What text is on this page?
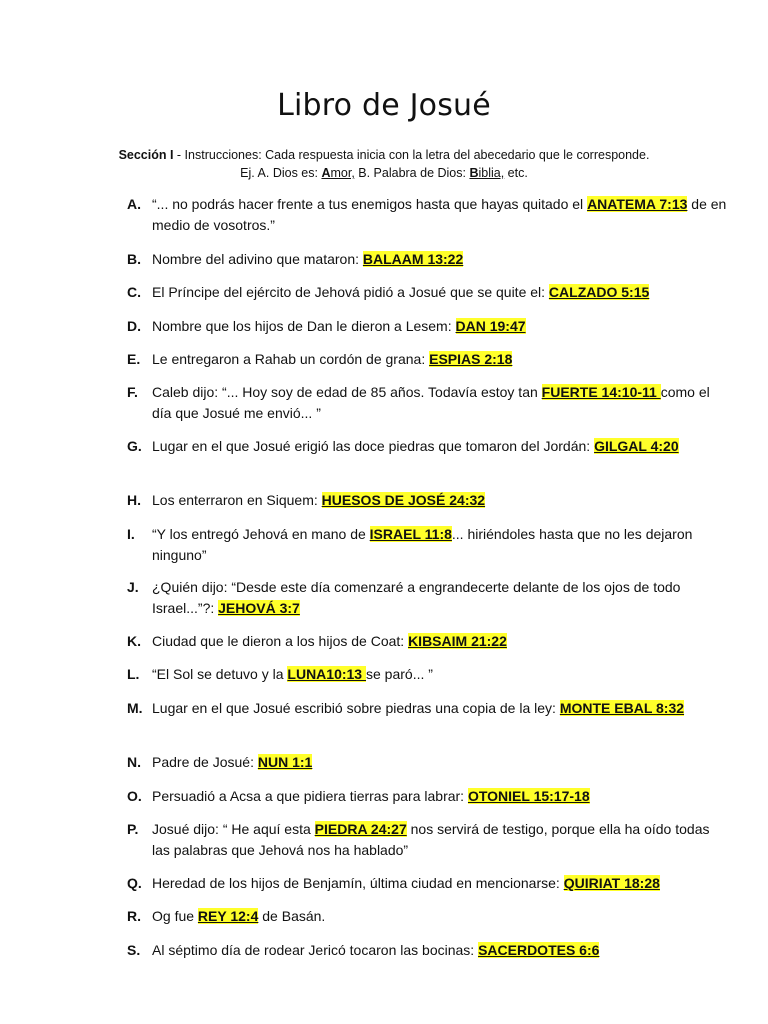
Libro de Josué
Sección I - Instrucciones: Cada respuesta inicia con la letra del abecedario que le corresponde.
Ej. A. Dios es: Amor, B. Palabra de Dios: Biblia, etc.
A. “... no podrás hacer frente a tus enemigos hasta que hayas quitado el ANATEMA 7:13 de en medio de vosotros.”
B. Nombre del adivino que mataron: BALAAM 13:22
C. El Príncipe del ejército de Jehová pidió a Josué que se quite el: CALZADO 5:15
D. Nombre que los hijos de Dan le dieron a Lesem: DAN 19:47
E. Le entregaron a Rahab un cordón de grana: ESPIAS 2:18
F. Caleb dijo: “... Hoy soy de edad de 85 años. Todavía estoy tan FUERTE 14:10-11 como el día que Josué me envió... ”
G. Lugar en el que Josué erigió las doce piedras que tomaron del Jordán: GILGAL 4:20
H. Los enterraron en Siquem: HUESOS DE JOSÉ 24:32
I. “Y los entregó Jehová en mano de ISRAEL 11:8... hiriéndoles hasta que no les dejaron ninguno”
J. ¿Quién dijo: “Desde este día comenzaré a engrandecerte delante de los ojos de todo Israel...”?: JEHOVÁ 3:7
K. Ciudad que le dieron a los hijos de Coat: KIBSAIM 21:22
L. “El Sol se detuvo y la LUNA10:13 se paró... ”
M. Lugar en el que Josué escribió sobre piedras una copia de la ley: MONTE EBAL 8:32
N. Padre de Josué: NUN 1:1
O. Persuadió a Acsa a que pidiera tierras para labrar: OTONIEL 15:17-18
P. Josué dijo: “ He aquí esta PIEDRA 24:27 nos servirá de testigo, porque ella ha oído todas las palabras que Jehová nos ha hablado”
Q. Heredad de los hijos de Benjamín, última ciudad en mencionarse: QUIRIAT 18:28
R. Og fue REY 12:4 de Basán.
S. Al séptimo día de rodear Jericó tocaron las bocinas: SACERDOTES 6:6
